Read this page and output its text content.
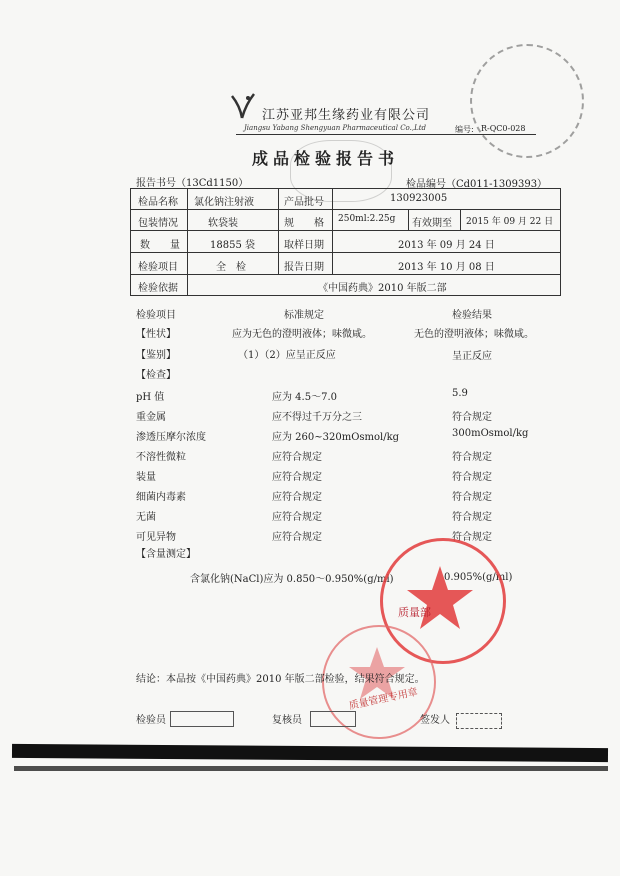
江苏亚邦生缘药业有限公司
Jiangsu Yabang Shengyuan Pharmaceutical Co.,Ltd	编号: R-QC0-028
成品检验报告书
报告书号（13Cd1150）	检品编号（Cd011-1309393）
检品名称 氯化钠注射液	产品批号	130923005
包装情况	软袋装	规　　格 250ml:2.25g 有效期至 2015 年 09 月 22 日
数　　量	18855 袋	取样日期	2013 年 09 月 24 日
检验项目	全　检	报告日期	2013 年 10 月 08 日
检验依据	《中国药典》2010 年版二部
检验项目	标准规定	检验结果
【性状】	应为无色的澄明液体；味微咸。	无色的澄明液体；味微咸。
【鉴别】	（1）（2）应呈正反应	呈正反应
【检查】
pH 值	应为 4.5～7.0	5.9
重金属	应不得过千万分之三	符合规定
渗透压摩尔浓度	应为 260~320mOsmol/kg	300mOsmol/kg
不溶性微粒	应符合规定	符合规定
装量	应符合规定	符合规定
细菌内毒素	应符合规定	符合规定
无菌	应符合规定	符合规定
可见异物	应符合规定	符合规定
【含量测定】
含氯化钠(NaCl)应为 0.850～0.950%(g/ml)	0.905%(g/ml)
质量部
质量管理专用章
结论：本品按《中国药典》2010 年版二部检验，结果符合规定。
检验员	复核员	签发人
